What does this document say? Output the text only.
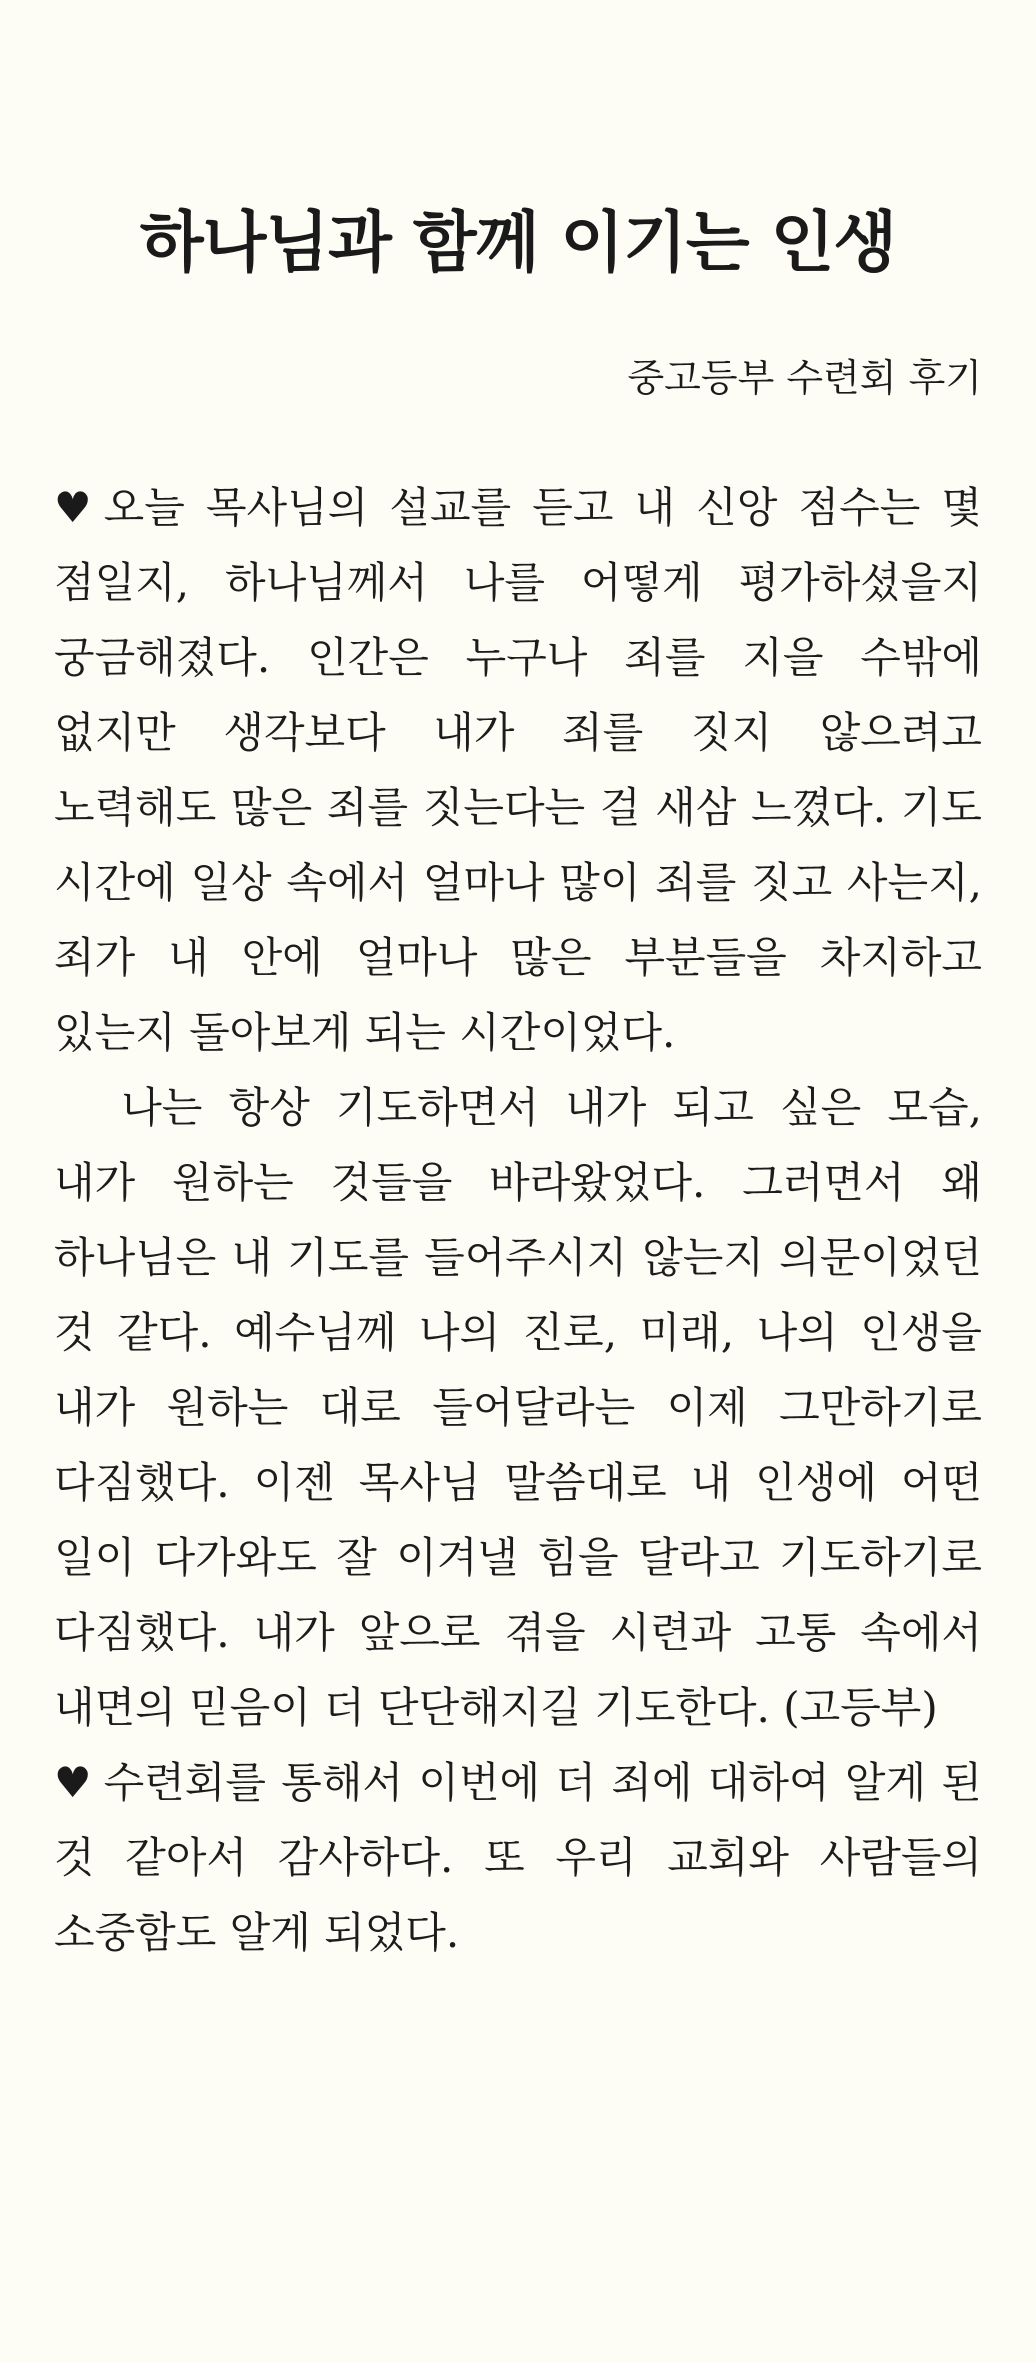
하나님과 함께 이기는 인생
중고등부 수련회 후기

♥ 오늘 목사님의 설교를 듣고 내 신앙 점수는 몇 점일지, 하나님께서 나를 어떻게 평가하셨을지 궁금해졌다. 인간은 누구나 죄를 지을 수밖에 없지만 생각보다 내가 죄를 짓지 않으려고 노력해도 많은 죄를 짓는다는 걸 새삼 느꼈다. 기도 시간에 일상 속에서 얼마나 많이 죄를 짓고 사는지, 죄가 내 안에 얼마나 많은 부분들을 차지하고 있는지 돌아보게 되는 시간이었다.

나는 항상 기도하면서 내가 되고 싶은 모습, 내가 원하는 것들을 바라왔었다. 그러면서 왜 하나님은 내 기도를 들어주시지 않는지 의문이었던 것 같다. 예수님께 나의 진로, 미래, 나의 인생을 내가 원하는 대로 들어달라는 이제 그만하기로 다짐했다. 이젠 목사님 말씀대로 내 인생에 어떤 일이 다가와도 잘 이겨낼 힘을 달라고 기도하기로 다짐했다. 내가 앞으로 겪을 시련과 고통 속에서 내면의 믿음이 더 단단해지길 기도한다. (고등부)

♥ 수련회를 통해서 이번에 더 죄에 대하여 알게 된 것 같아서 감사하다. 또 우리 교회와 사람들의 소중함도 알게 되었다.
